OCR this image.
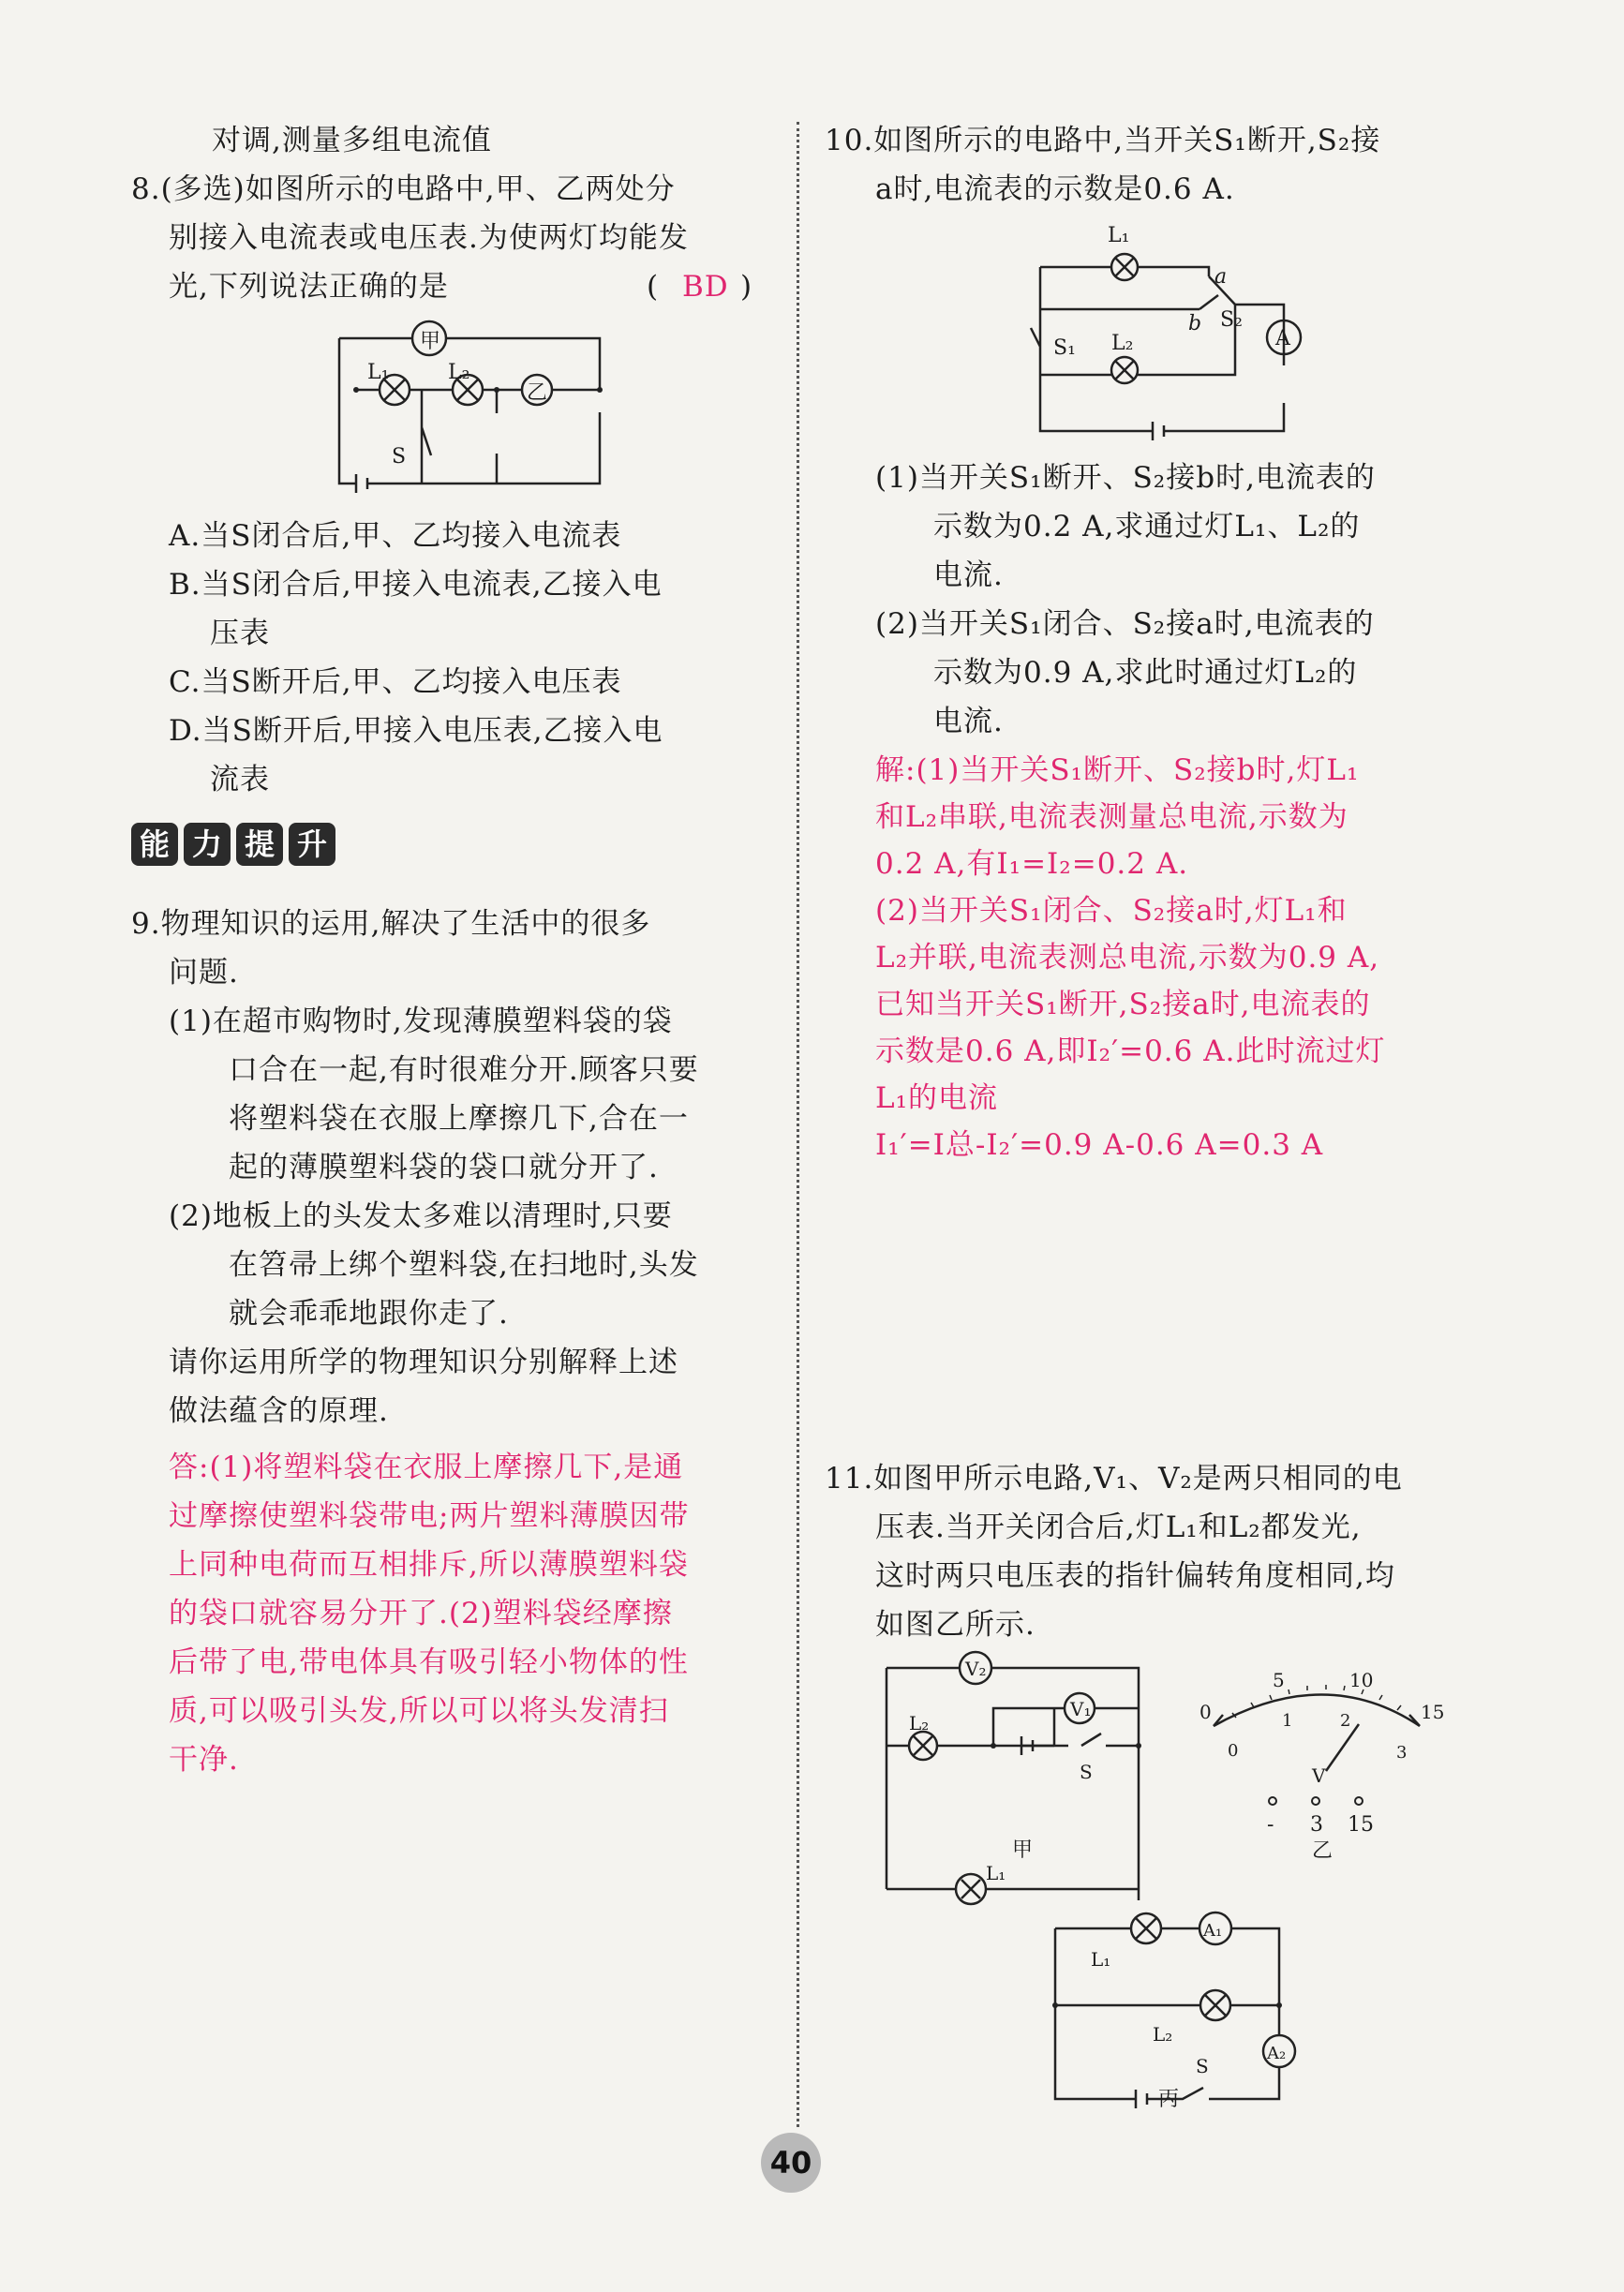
对调,测量多组电流值
8.(多选)如图所示的电路中,甲、乙两处分
别接入电流表或电压表.为使两灯均能发
光,下列说法正确的是	( BD )
甲
乙
L₁	L₂
S
A.当S闭合后,甲、乙均接入电流表
B.当S闭合后,甲接入电流表,乙接入电
压表
C.当S断开后,甲、乙均接入电压表
D.当S断开后,甲接入电压表,乙接入电
流表
能 力 提 升
9.物理知识的运用,解决了生活中的很多
问题.
(1)在超市购物时,发现薄膜塑料袋的袋
口合在一起,有时很难分开.顾客只要
将塑料袋在衣服上摩擦几下,合在一
起的薄膜塑料袋的袋口就分开了.
(2)地板上的头发太多难以清理时,只要
在笤帚上绑个塑料袋,在扫地时,头发
就会乖乖地跟你走了.
请你运用所学的物理知识分别解释上述
做法蕴含的原理.
答:(1)将塑料袋在衣服上摩擦几下,是通
过摩擦使塑料袋带电;两片塑料薄膜因带
上同种电荷而互相排斥,所以薄膜塑料袋
的袋口就容易分开了.(2)塑料袋经摩擦
后带了电,带电体具有吸引轻小物体的性
质,可以吸引头发,所以可以将头发清扫
干净.
10.如图所示的电路中,当开关S₁断开,S₂接
a时,电流表的示数是0.6 A.
L₁
L₂
S₁
S₂
a
b
A
(1)当开关S₁断开、S₂接b时,电流表的
示数为0.2 A,求通过灯L₁、L₂的
电流.
(2)当开关S₁闭合、S₂接a时,电流表的
示数为0.9 A,求此时通过灯L₂的
电流.
解:(1)当开关S₁断开、S₂接b时,灯L₁
和L₂串联,电流表测量总电流,示数为
0.2 A,有I₁=I₂=0.2 A.
(2)当开关S₁闭合、S₂接a时,灯L₁和
L₂并联,电流表测总电流,示数为0.9 A,
已知当开关S₁断开,S₂接a时,电流表的
示数是0.6 A,即I₂′=0.6 A.此时流过灯
L₁的电流
I₁′=I总-I₂′=0.9 A-0.6 A=0.3 A
11.如图甲所示电路,V₁、V₂是两只相同的电
压表.当开关闭合后,灯L₁和L₂都发光,
这时两只电压表的指针偏转角度相同,均
如图乙所示.
V₂
V₁
L₂
L₁
S
甲
0
5	10
15
0
1	2
3
V
- 3 15
乙
L₁
L₂
A₁
A₂
S
丙
40
